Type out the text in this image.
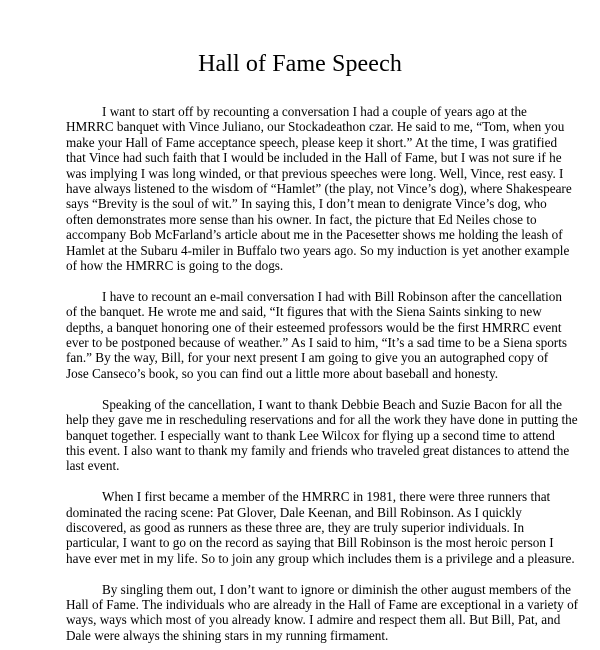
Hall of Fame Speech

I want to start off by recounting a conversation I had a couple of years ago at the
HMRRC banquet with Vince Juliano, our Stockadeathon czar. He said to me, “Tom, when you
make your Hall of Fame acceptance speech, please keep it short.” At the time, I was gratified
that Vince had such faith that I would be included in the Hall of Fame, but I was not sure if he
was implying I was long winded, or that previous speeches were long. Well, Vince, rest easy. I
have always listened to the wisdom of “Hamlet” (the play, not Vince’s dog), where Shakespeare
says “Brevity is the soul of wit.” In saying this, I don’t mean to denigrate Vince’s dog, who
often demonstrates more sense than his owner. In fact, the picture that Ed Neiles chose to
accompany Bob McFarland’s article about me in the Pacesetter shows me holding the leash of
Hamlet at the Subaru 4-miler in Buffalo two years ago. So my induction is yet another example
of how the HMRRC is going to the dogs.

I have to recount an e-mail conversation I had with Bill Robinson after the cancellation
of the banquet. He wrote me and said, “It figures that with the Siena Saints sinking to new
depths, a banquet honoring one of their esteemed professors would be the first HMRRC event
ever to be postponed because of weather.” As I said to him, “It’s a sad time to be a Siena sports
fan.” By the way, Bill, for your next present I am going to give you an autographed copy of
Jose Canseco’s book, so you can find out a little more about baseball and honesty.

Speaking of the cancellation, I want to thank Debbie Beach and Suzie Bacon for all the
help they gave me in rescheduling reservations and for all the work they have done in putting the
banquet together. I especially want to thank Lee Wilcox for flying up a second time to attend
this event. I also want to thank my family and friends who traveled great distances to attend the
last event.

When I first became a member of the HMRRC in 1981, there were three runners that
dominated the racing scene: Pat Glover, Dale Keenan, and Bill Robinson. As I quickly
discovered, as good as runners as these three are, they are truly superior individuals. In
particular, I want to go on the record as saying that Bill Robinson is the most heroic person I
have ever met in my life. So to join any group which includes them is a privilege and a pleasure.

By singling them out, I don’t want to ignore or diminish the other august members of the
Hall of Fame. The individuals who are already in the Hall of Fame are exceptional in a variety of
ways, ways which most of you already know. I admire and respect them all. But Bill, Pat, and
Dale were always the shining stars in my running firmament.
